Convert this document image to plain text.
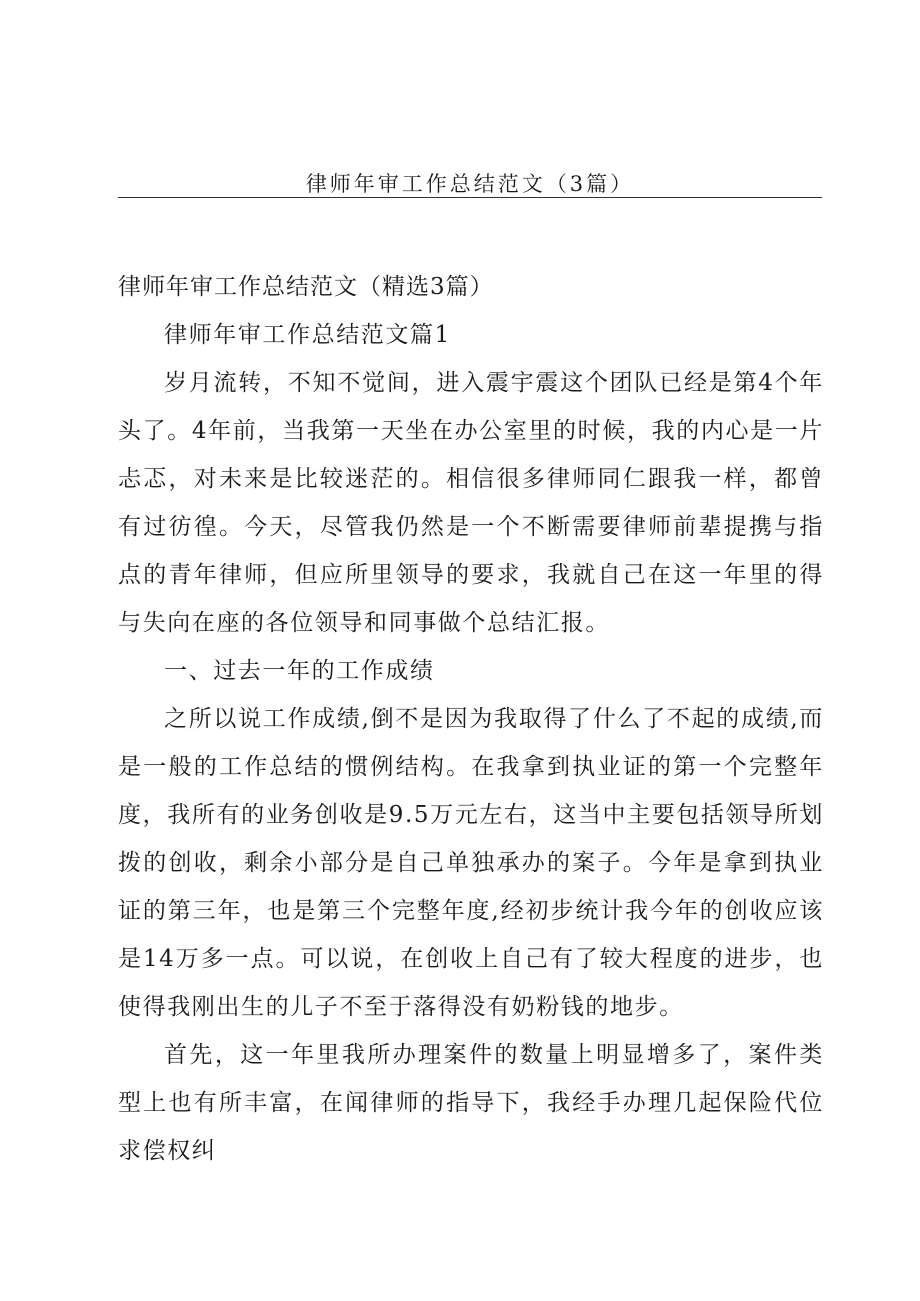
律师年审工作总结范文（3篇）

律师年审工作总结范文（精选3篇）

律师年审工作总结范文篇1

岁月流转，不知不觉间，进入震宇震这个团队已经是第4个年头了。4年前，当我第一天坐在办公室里的时候，我的内心是一片忐忑，对未来是比较迷茫的。相信很多律师同仁跟我一样，都曾有过彷徨。今天，尽管我仍然是一个不断需要律师前辈提携与指点的青年律师，但应所里领导的要求，我就自己在这一年里的得与失向在座的各位领导和同事做个总结汇报。

一、过去一年的工作成绩

之所以说工作成绩,倒不是因为我取得了什么了不起的成绩,而是一般的工作总结的惯例结构。在我拿到执业证的第一个完整年度，我所有的业务创收是9.5万元左右，这当中主要包括领导所划拨的创收，剩余小部分是自己单独承办的案子。今年是拿到执业证的第三年，也是第三个完整年度,经初步统计我今年的创收应该是14万多一点。可以说，在创收上自己有了较大程度的进步，也使得我刚出生的儿子不至于落得没有奶粉钱的地步。

首先，这一年里我所办理案件的数量上明显增多了，案件类型上也有所丰富，在闻律师的指导下，我经手办理几起保险代位求偿权纠
